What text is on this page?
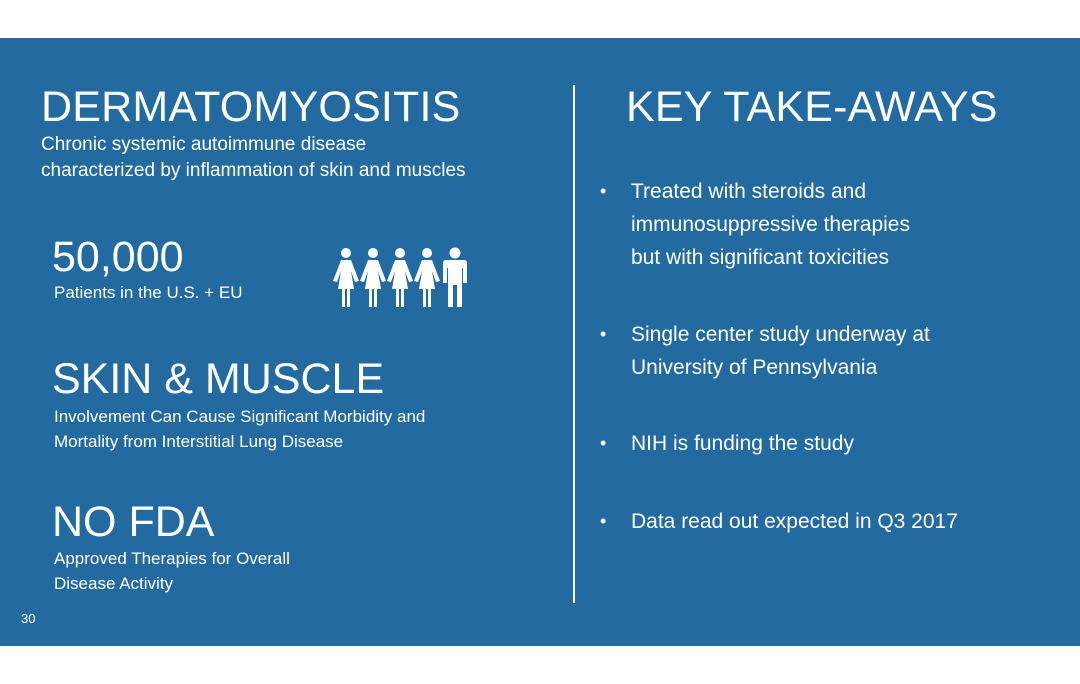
DERMATOMYOSITIS
Chronic systemic autoimmune disease
characterized by inflammation of skin and muscles
50,000
Patients in the U.S. + EU
SKIN & MUSCLE
Involvement Can Cause Significant Morbidity and
Mortality from Interstitial Lung Disease
NO FDA
Approved Therapies for Overall
Disease Activity
30
KEY TAKE-AWAYS
• Treated with steroids and
immunosuppressive therapies
but with significant toxicities
• Single center study underway at
University of Pennsylvania
• NIH is funding the study
• Data read out expected in Q3 2017
